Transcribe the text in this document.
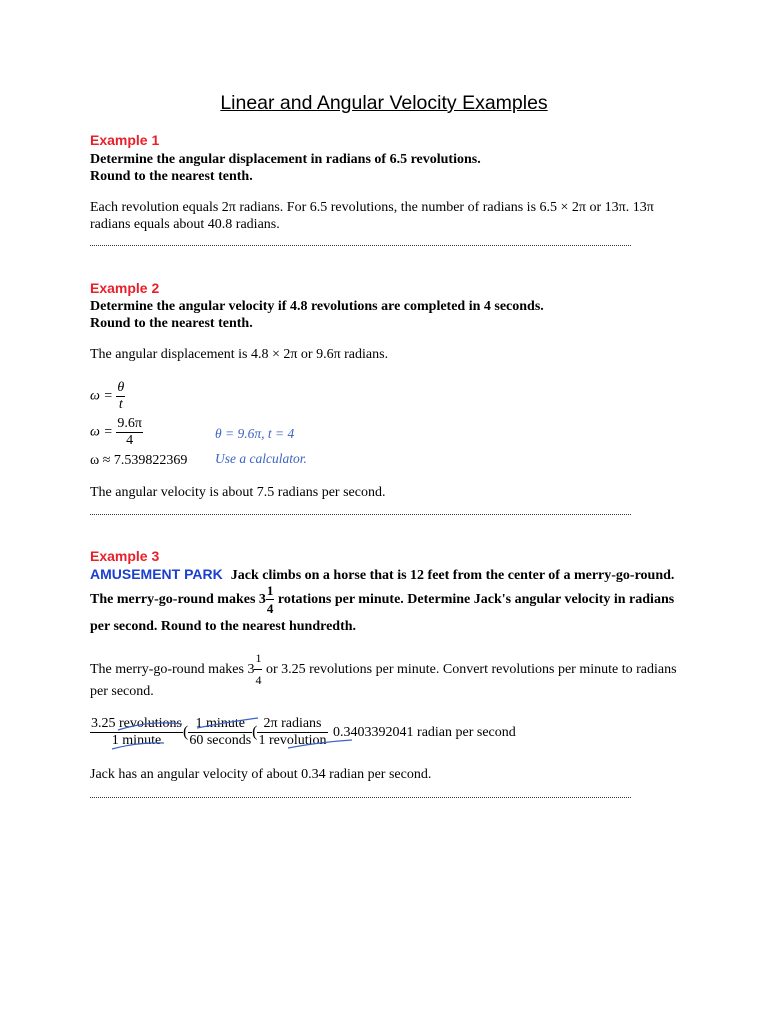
Linear and Angular Velocity Examples
Example 1
Determine the angular displacement in radians of 6.5 revolutions.
Round to the nearest tenth.
Each revolution equals 2π radians. For 6.5 revolutions, the number of radians is 6.5 × 2π or 13π. 13π
radians equals about 40.8 radians.
Example 2
Determine the angular velocity if 4.8 revolutions are completed in 4 seconds.
Round to the nearest tenth.
The angular displacement is 4.8 × 2π or 9.6π radians.
$\omega = \frac{\theta}{t}$
$\omega = \frac{9.6\pi}{4}$	θ = 9.6π, t = 4
ω ≈ 7.539822369 Use a calculator.
The angular velocity is about 7.5 radians per second.
Example 3
AMUSEMENT PARK Jack climbs on a horse that is 12 feet from the center of a merry-go-round.
The merry-go-round makes $3 \frac{1}{4}$ rotations per minute. Determine Jack's angular velocity in radians
per second. Round to the nearest hundredth.
The merry-go-round makes $3 \frac{1}{4}$ or 3.25 revolutions per minute. Convert revolutions per minute to radians
per second.
$\frac{\text{3.25 revolutions}}{\text{1 minute}}$ ( $\frac{\text{1 minute}}{\text{60 seconds}}$ ( $\frac{\text{2π radians}}{\text{1 revolution}} 0.3403392041$ radian per second
Jack has an angular velocity of about 0.34 radian per second.
